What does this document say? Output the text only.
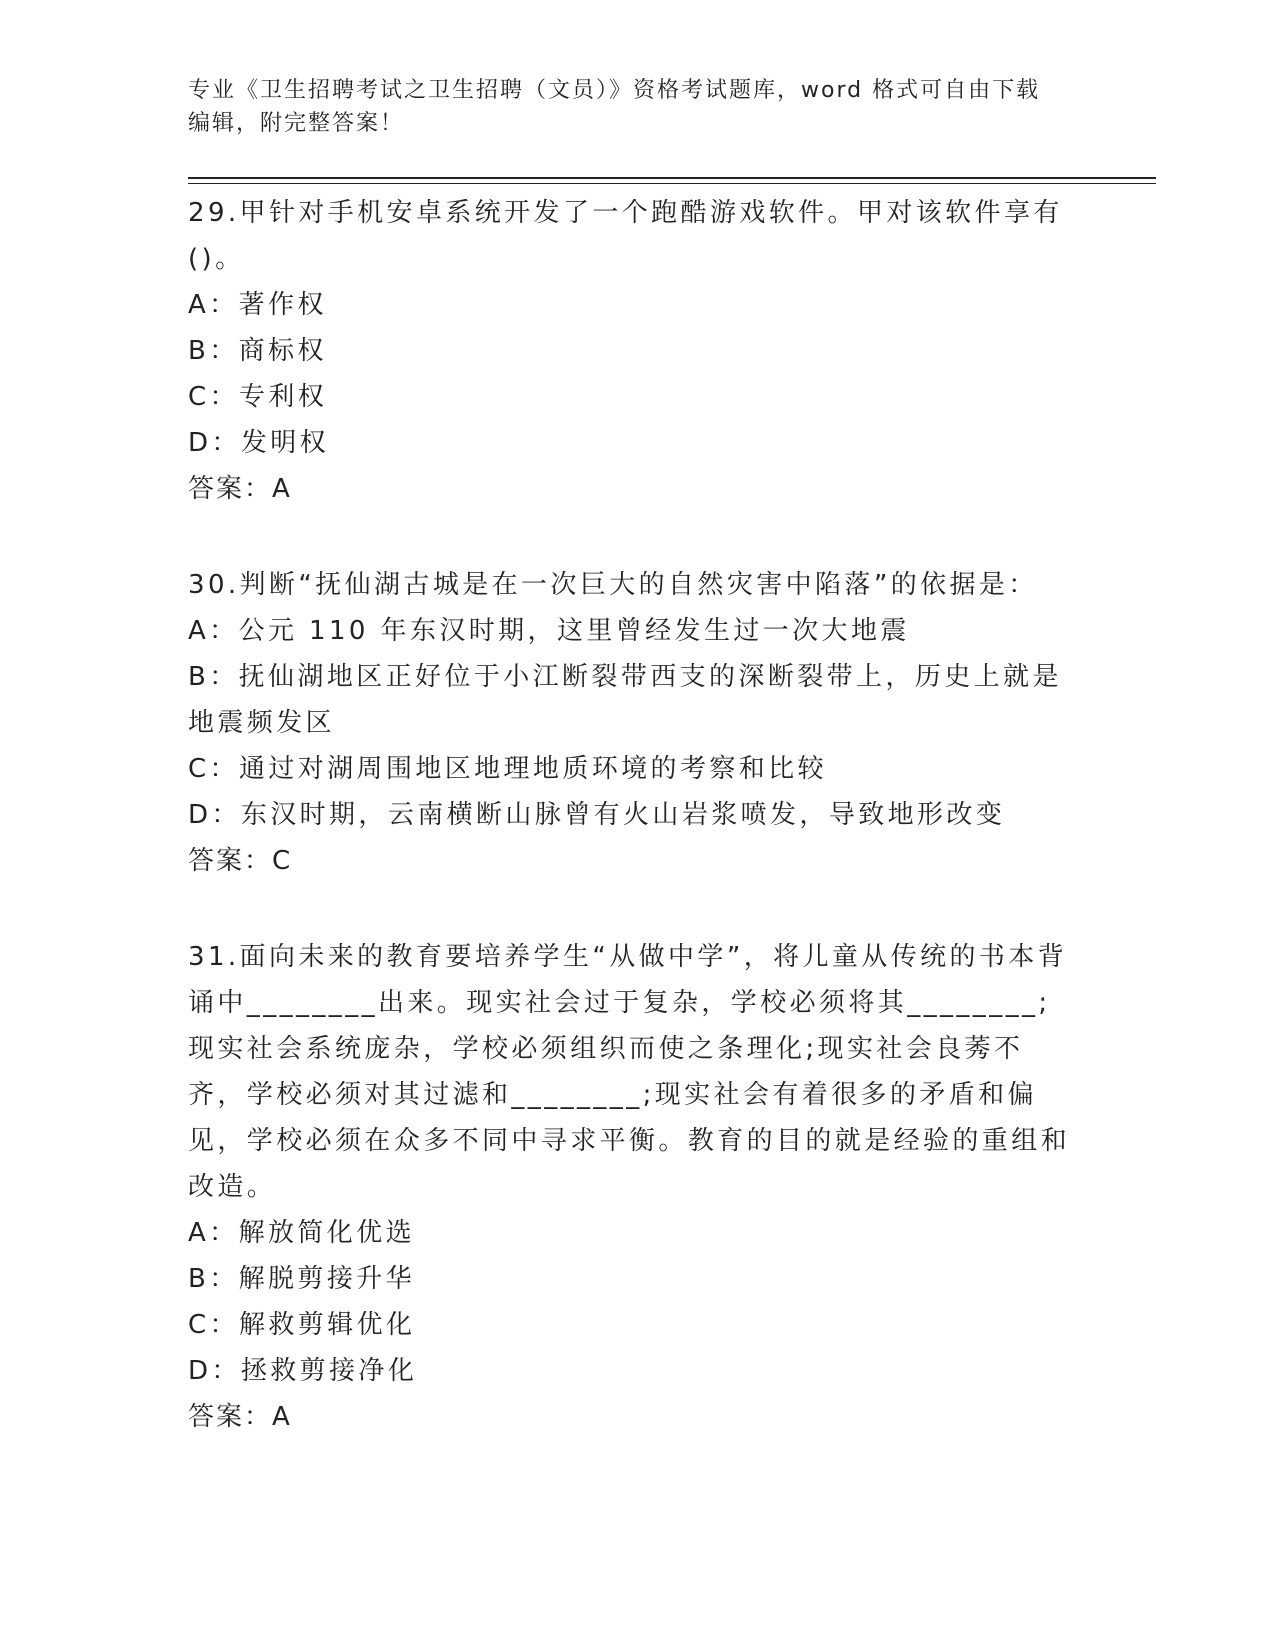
专业《卫生招聘考试之卫生招聘（文员）》资格考试题库，word 格式可自由下载
编辑，附完整答案！
29.甲针对手机安卓系统开发了一个跑酷游戏软件。甲对该软件享有()。
A：著作权
B：商标权
C：专利权
D：发明权
答案：A
30.判断“抚仙湖古城是在一次巨大的自然灾害中陷落”的依据是：
A：公元 110 年东汉时期，这里曾经发生过一次大地震
B：抚仙湖地区正好位于小江断裂带西支的深断裂带上，历史上就是地震频发区
C：通过对湖周围地区地理地质环境的考察和比较
D：东汉时期，云南横断山脉曾有火山岩浆喷发，导致地形改变
答案：C
31.面向未来的教育要培养学生“从做中学”，将儿童从传统的书本背诵中________出来。现实社会过于复杂，学校必须将其________;现实社会系统庞杂，学校必须组织而使之条理化;现实社会良莠不齐，学校必须对其过滤和________;现实社会有着很多的矛盾和偏见，学校必须在众多不同中寻求平衡。教育的目的就是经验的重组和改造。
A：解放简化优选
B：解脱剪接升华
C：解救剪辑优化
D：拯救剪接净化
答案：A
